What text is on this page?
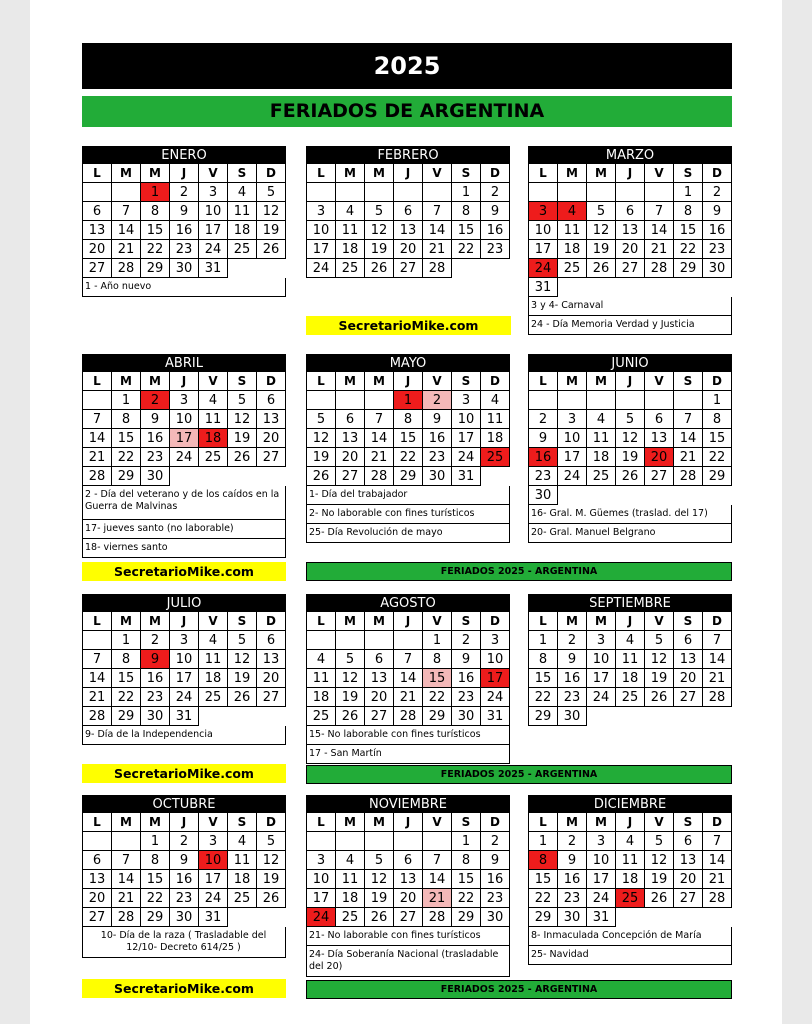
2025
FERIADOS DE ARGENTINA
ENERO						
L	M	M	J	V	S	D
		1	2	3	4	5
6	7	8	9	10	11	12
13	14	15	16	17	18	19
20	21	22	23	24	25	26
27	28	29	30	31		
1 - Año nuevo
FEBRERO						
L	M	M	J	V	S	D
					1	2
3	4	5	6	7	8	9
10	11	12	13	14	15	16
17	18	19	20	21	22	23
24	25	26	27	28		
MARZO						
L	M	M	J	V	S	D
					1	2
3	4	5	6	7	8	9
10	11	12	13	14	15	16
17	18	19	20	21	22	23
24	25	26	27	28	29	30
31						
3 y 4- Carnaval
24 - Día Memoria Verdad y Justicia
ABRIL						
L	M	M	J	V	S	D
	1	2	3	4	5	6
7	8	9	10	11	12	13
14	15	16	17	18	19	20
21	22	23	24	25	26	27
28	29	30				
2 - Día del veterano y de los caídos en la Guerra de Malvinas
17- jueves santo (no laborable)
18- viernes santo
MAYO						
L	M	M	J	V	S	D
			1	2	3	4
5	6	7	8	9	10	11
12	13	14	15	16	17	18
19	20	21	22	23	24	25
26	27	28	29	30	31	
1- Día del trabajador
2- No laborable con fines turísticos
25- Día Revolución de mayo
JUNIO						
L	M	M	J	V	S	D
						1
2	3	4	5	6	7	8
9	10	11	12	13	14	15
16	17	18	19	20	21	22
23	24	25	26	27	28	29
30						
16- Gral. M. Güemes (traslad. del 17)
20- Gral. Manuel Belgrano
JULIO						
L	M	M	J	V	S	D
	1	2	3	4	5	6
7	8	9	10	11	12	13
14	15	16	17	18	19	20
21	22	23	24	25	26	27
28	29	30	31			
9- Día de la Independencia
AGOSTO						
L	M	M	J	V	S	D
				1	2	3
4	5	6	7	8	9	10
11	12	13	14	15	16	17
18	19	20	21	22	23	24
25	26	27	28	29	30	31
15- No laborable con fines turísticos
17 - San Martín
SEPTIEMBRE						
L	M	M	J	V	S	D
1	2	3	4	5	6	7
8	9	10	11	12	13	14
15	16	17	18	19	20	21
22	23	24	25	26	27	28
29	30					
OCTUBRE						
L	M	M	J	V	S	D
		1	2	3	4	5
6	7	8	9	10	11	12
13	14	15	16	17	18	19
20	21	22	23	24	25	26
27	28	29	30	31		
10- Día de la raza ( Trasladable del 12/10- Decreto 614/25 )
NOVIEMBRE						
L	M	M	J	V	S	D
					1	2
3	4	5	6	7	8	9
10	11	12	13	14	15	16
17	18	19	20	21	22	23
24	25	26	27	28	29	30
21- No laborable con fines turísticos
24- Día Soberanía Nacional (trasladable del 20)
DICIEMBRE						
L	M	M	J	V	S	D
1	2	3	4	5	6	7
8	9	10	11	12	13	14
15	16	17	18	19	20	21
22	23	24	25	26	27	28
29	30	31				
8- Inmaculada Concepción de María
25- Navidad
SecretarioMike.com
SecretarioMike.com	FERIADOS 2025 - ARGENTINA
SecretarioMike.com	FERIADOS 2025 - ARGENTINA
SecretarioMike.com	FERIADOS 2025 - ARGENTINA
